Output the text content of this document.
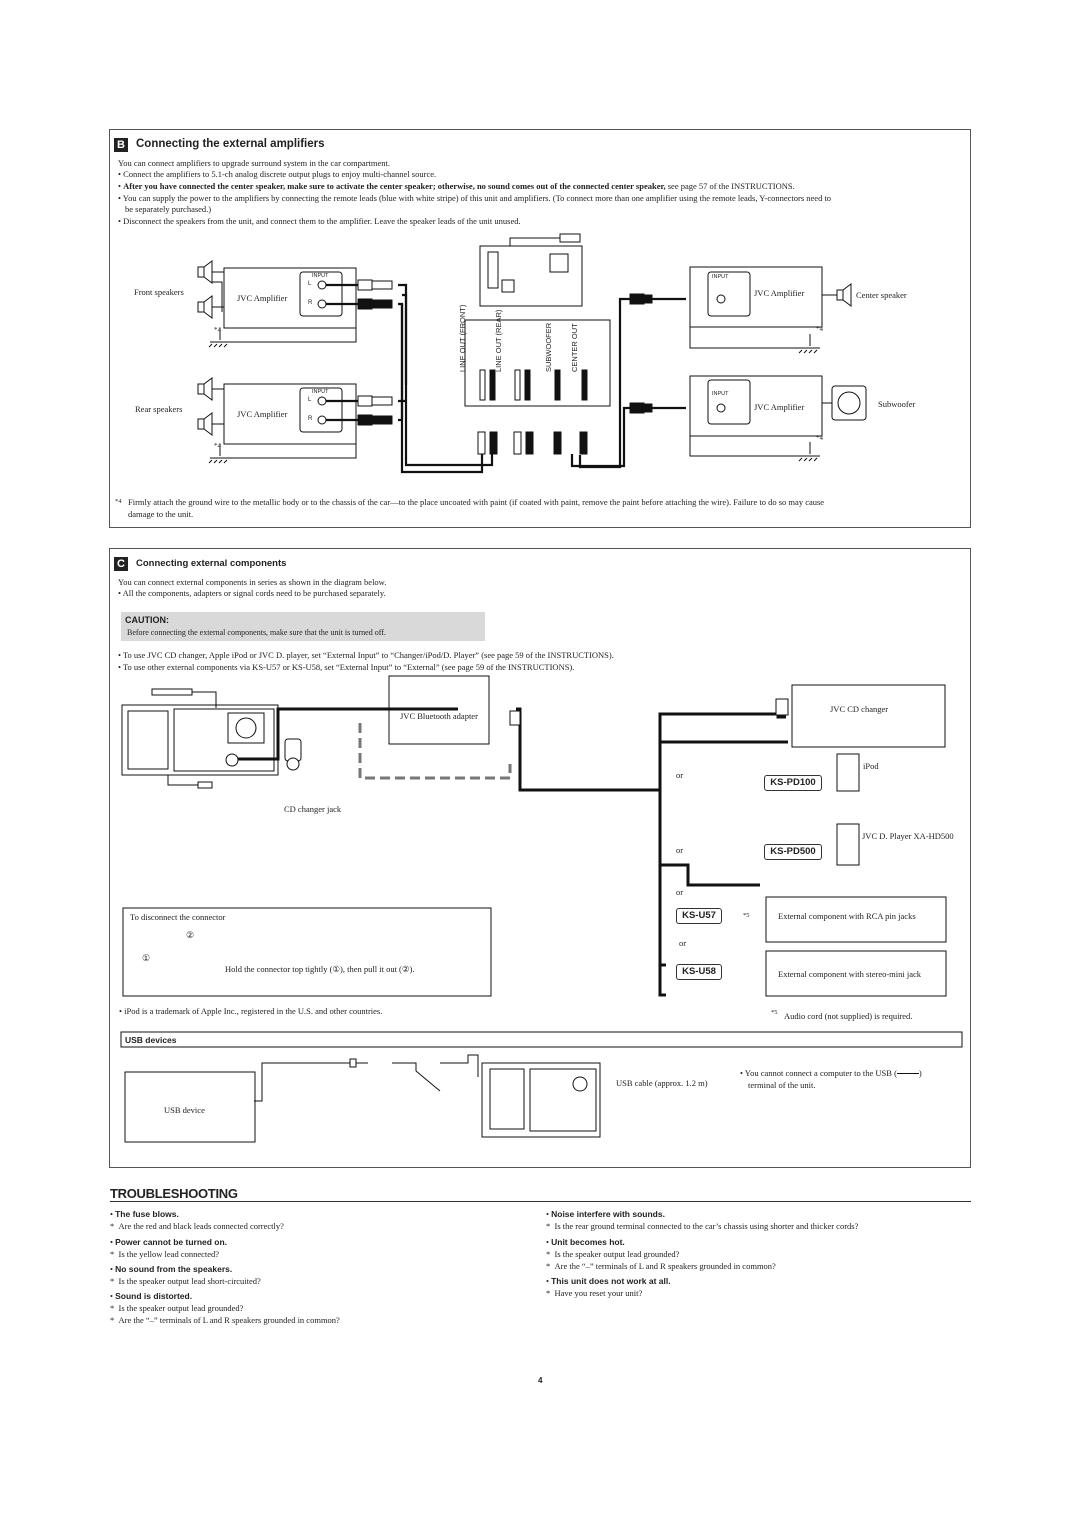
B Connecting the external amplifiers
You can connect amplifiers to upgrade surround system in the car compartment.
• Connect the amplifiers to 5.1-ch analog discrete output plugs to enjoy multi-channel source.
• After you have connected the center speaker, make sure to activate the center speaker; otherwise, no sound comes out of the connected center speaker, see page 57 of the INSTRUCTIONS.
• You can supply the power to the amplifiers by connecting the remote leads (blue with white stripe) of this unit and amplifiers. (To connect more than one amplifier using the remote leads, Y-connectors need to
be separately purchased.)
• Disconnect the speakers from the unit, and connect them to the amplifier. Leave the speaker leads of the unit unused.
Front speakers
JVC Amplifier
INPUT
L
R
*4
Rear speakers	JVC Amplifier
INPUT
L
R
*4
LINE OUT (FRONT)	LINE OUT (REAR)	SUBWOOFER CENTER OUT
JVC Amplifier
INPUT
Center speaker
*4
JVC Amplifier
INPUT
Subwoofer
*4
*4 Firmly attach the ground wire to the metallic body or to the chassis of the car—to the place uncoated with paint (if coated with paint, remove the paint before attaching the wire). Failure to do so may cause
damage to the unit.
C	Connecting external components
You can connect external components in series as shown in the diagram below.
• All the components, adapters or signal cords need to be purchased separately.
CAUTION:
Before connecting the external components, make sure that the unit is turned off.
• To use JVC CD changer, Apple iPod or JVC D. player, set “External Input” to “Changer/iPod/D. Player” (see page 59 of the INSTRUCTIONS).
• To use other external components via KS-U57 or KS-U58, set “External Input” to “External” (see page 59 of the INSTRUCTIONS).
CD changer jack
JVC Bluetooth adapter
JVC CD changer
iPod
or
KS-PD100
JVC D. Player XA-HD500
or	KS-PD500
or
KS-U57	*5	External component with RCA pin jacks
or
KS-U58	External component with stereo-mini jack
To disconnect the connector
①
②
Hold the connector top tightly (①), then pull it out (②).
• iPod is a trademark of Apple Inc., registered in the U.S. and other countries.	*5 Audio cord (not supplied) is required.
USB devices
USB device
USB cable (approx. 1.2 m)
• You cannot connect a computer to the USB (	)
terminal of the unit.
TROUBLESHOOTING
• The fuse blows.
* Are the red and black leads connected correctly?
• Power cannot be turned on.
* Is the yellow lead connected?
• No sound from the speakers.
* Is the speaker output lead short-circuited?
• Sound is distorted.
* Is the speaker output lead grounded?
* Are the “–” terminals of L and R speakers grounded in common?
• Noise interfere with sounds.
* Is the rear ground terminal connected to the car’s chassis using shorter and thicker cords?
• Unit becomes hot.
* Is the speaker output lead grounded?
* Are the “–” terminals of L and R speakers grounded in common?
• This unit does not work at all.
* Have you reset your unit?
4
